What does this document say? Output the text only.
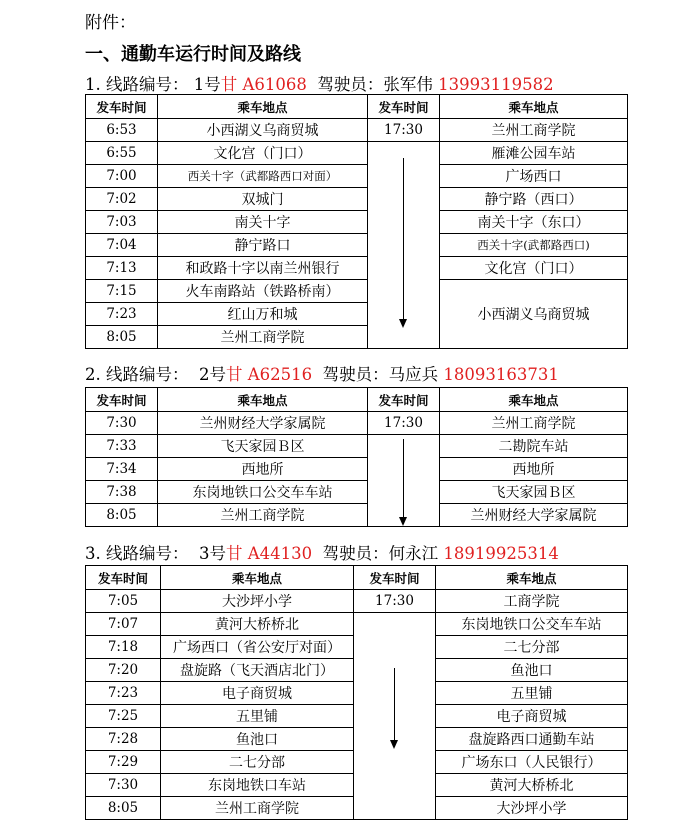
附件：
一、通勤车运行时间及路线
1. 线路编号： 1号甘 A61068 驾驶员：张军伟 13993119582
发车时间	乘车地点	发车时间	乘车地点
6:53	小西湖义乌商贸城	17:30	兰州工商学院
6:55	文化宫（门口）		雁滩公园车站
7:00	西关十字（武都路西口对面）		广场西口
7:02	双城门		静宁路（西口）
7:03	南关十字		南关十字（东口）
7:04	静宁路口		西关十字(武都路西口)
7:13	和政路十字以南兰州银行		文化宫（门口）
7:15	火车南路站（铁路桥南）		小西湖义乌商贸城
7:23	红山万和城		
8:05	兰州工商学院		
2. 线路编号： 2号甘 A62516 驾驶员：马应兵 18093163731
发车时间	乘车地点	发车时间	乘车地点
7:30	兰州财经大学家属院	17:30	兰州工商学院
7:33	飞天家园Ｂ区		二勘院车站
7:34	西地所		西地所
7:38	东岗地铁口公交车车站		飞天家园Ｂ区
8:05	兰州工商学院		兰州财经大学家属院
3. 线路编号： 3号甘 A44130 驾驶员：何永江 18919925314
发车时间	乘车地点	发车时间	乘车地点
7:05	大沙坪小学	17:30	工商学院
7:07	黄河大桥桥北		东岗地铁口公交车车站
7:18	广场西口（省公安厅对面）		二七分部
7:20	盘旋路（飞天酒店北门）		鱼池口
7:23	电子商贸城		五里铺
7:25	五里铺		电子商贸城
7:28	鱼池口		盘旋路西口通勤车站
7:29	二七分部		广场东口（人民银行）
7:30	东岗地铁口车站		黄河大桥桥北
8:05	兰州工商学院		大沙坪小学
